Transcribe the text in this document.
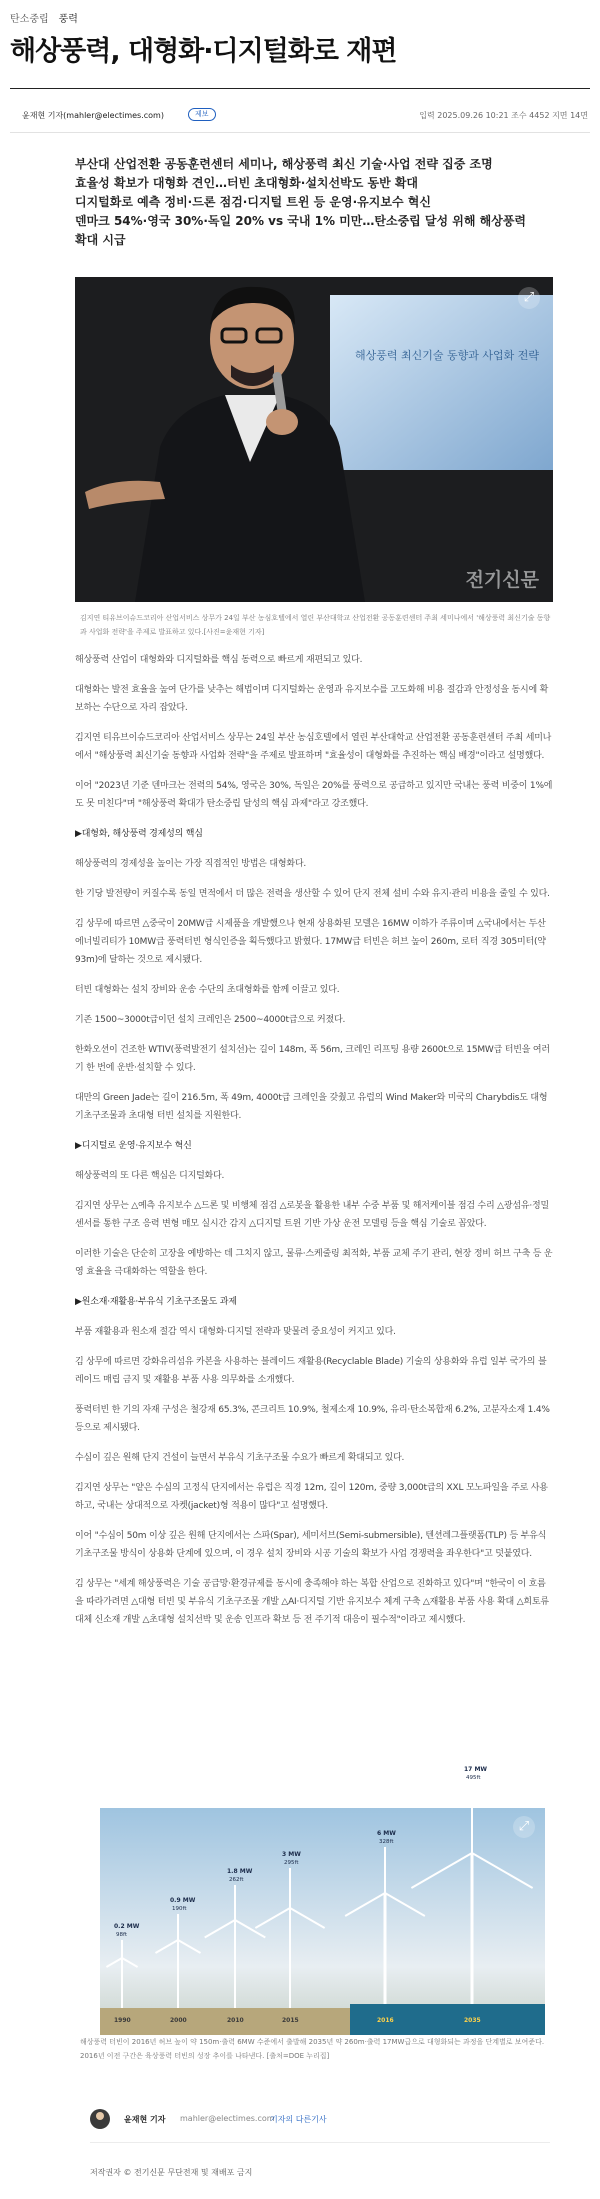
탄소중립 풍력
해상풍력, 대형화·디지털화로 재편
윤재현 기자(mahler@electimes.com)	제보	입력 2025.09.26 10:21 조수 4452 지면 14면

부산대 산업전환 공동훈련센터 세미나, 해상풍력 최신 기술·사업 전략 집중 조명

효율성 확보가 대형화 견인…터빈 초대형화·설치선박도 동반 확대

디지털화로 예측 정비·드론 점검·디지털 트윈 등 운영·유지보수 혁신

덴마크 54%·영국 30%·독일 20% vs 국내 1% 미만…탄소중립 달성 위해 해상풍력

확대 시급

해상풍력 최신기술 동향과 사업화 전략
⤢
전기신문

김지연 티유브이슈드코리아 산업서비스 상무가 24일 부산 농심호텔에서 열린 부산대학교 산업전환 공동훈련센터 주최 세미나에서 '해상풍력 최신기술 동향과 사업화 전략'을 주제로 발표하고 있다.[사진=윤재현 기자]

해상풍력 산업이 대형화와 디지털화를 핵심 동력으로 빠르게 재편되고 있다.

대형화는 발전 효율을 높여 단가를 낮추는 해법이며 디지털화는 운영과 유지보수를 고도화해 비용 절감과 안정성을 동시에 확보하는 수단으로 자리 잡았다.

김지연 티유브이슈드코리아 산업서비스 상무는 24일 부산 농심호텔에서 열린 부산대학교 산업전환 공동훈련센터 주최 세미나에서 "해상풍력 최신기술 동향과 사업화 전략"을 주제로 발표하며 "효율성이 대형화를 추진하는 핵심 배경"이라고 설명했다.

이어 "2023년 기준 덴마크는 전력의 54%, 영국은 30%, 독일은 20%를 풍력으로 공급하고 있지만 국내는 풍력 비중이 1%에도 못 미친다"며 "해상풍력 확대가 탄소중립 달성의 핵심 과제"라고 강조했다.

▶대형화, 해상풍력 경제성의 핵심

해상풍력의 경제성을 높이는 가장 직접적인 방법은 대형화다.

한 기당 발전량이 커질수록 동일 면적에서 더 많은 전력을 생산할 수 있어 단지 전체 설비 수와 유지·관리 비용을 줄일 수 있다.

김 상무에 따르면 △중국이 20MW급 시제품을 개발했으나 현재 상용화된 모델은 16MW 이하가 주류이며 △국내에서는 두산에너빌리티가 10MW급 풍력터빈 형식인증을 획득했다고 밝혔다. 17MW급 터빈은 허브 높이 260m, 로터 직경 305미터(약 93m)에 달하는 것으로 제시됐다.

터빈 대형화는 설치 장비와 운송 수단의 초대형화를 함께 이끌고 있다.

기존 1500~3000t급이던 설치 크레인은 2500~4000t급으로 커졌다.

한화오션이 건조한 WTIV(풍력발전기 설치선)는 길이 148m, 폭 56m, 크레인 리프팅 용량 2600t으로 15MW급 터빈을 여러 기 한 번에 운반·설치할 수 있다.

대만의 Green Jade는 길이 216.5m, 폭 49m, 4000t급 크레인을 갖췄고 유럽의 Wind Maker와 미국의 Charybdis도 대형 기초구조물과 초대형 터빈 설치를 지원한다.

▶디지털로 운영·유지보수 혁신

해상풍력의 또 다른 핵심은 디지털화다.

김지연 상무는 △예측 유지보수 △드론 및 비행체 점검 △로봇을 활용한 내부 수중 부품 및 해저케이블 점검 수리 △광섬유·정밀 센서를 통한 구조 응력 변형 매모 실시간 감지 △디지털 트윈 기반 가상 운전 모델링 등을 핵심 기술로 꼽았다.

이러한 기술은 단순히 고장을 예방하는 데 그치지 않고, 물류·스케줄링 최적화, 부품 교체 주기 관리, 현장 정비 허브 구축 등 운영 효율을 극대화하는 역할을 한다.

▶원소재·재활용·부유식 기초구조물도 과제

부품 재활용과 원소재 절감 역시 대형화·디지털 전략과 맞물려 중요성이 커지고 있다.

김 상무에 따르면 강화유리섬유 카본을 사용하는 블레이드 재활용(Recyclable Blade) 기술의 상용화와 유럽 일부 국가의 블레이드 매립 금지 및 재활용 부품 사용 의무화를 소개했다.

풍력터빈 한 기의 자재 구성은 철강재 65.3%, 콘크리트 10.9%, 철제소재 10.9%, 유리·탄소복합재 6.2%, 고분자소재 1.4% 등으로 제시됐다.

수심이 깊은 원해 단지 건설이 늘면서 부유식 기초구조물 수요가 빠르게 확대되고 있다.

김지연 상무는 "얕은 수심의 고정식 단지에서는 유럽은 직경 12m, 길이 120m, 중량 3,000t급의 XXL 모노파일을 주로 사용하고, 국내는 상대적으로 자켓(jacket)형 적용이 많다"고 설명했다.

이어 "수심이 50m 이상 깊은 원해 단지에서는 스파(Spar), 세미서브(Semi-submersible), 텐션레그플랫폼(TLP) 등 부유식 기초구조물 방식이 상용화 단계에 있으며, 이 경우 설치 장비와 시공 기술의 확보가 사업 경쟁력을 좌우한다"고 덧붙였다.

김 상무는 "세계 해상풍력은 기술 공급망·환경규제를 동시에 충족해야 하는 복합 산업으로 진화하고 있다"며 "한국이 이 흐름을 따라가려면 △대형 터빈 및 부유식 기초구조물 개발 △AI·디지털 기반 유지보수 체계 구축 △재활용 부품 사용 확대 △희토류 대체 신소재 개발 △초대형 설치선박 및 운송 인프라 확보 등 전 주기적 대응이 필수적"이라고 제시했다.

0.2 MW
98ft
1990
0.9 MW
190ft
2000
1.8 MW
262ft
2010
3 MW
295ft
2015
6 MW
328ft
2016
17 MW
495ft
2035
⤢

해상풍력 터빈이 2016년 허브 높이 약 150m·출력 6MW 수준에서 출발해 2035년 약 260m·출력 17MW급으로 대형화되는 과정을 단계별로 보여준다. 2016년 이전 구간은 육상풍력 터빈의 성장 추이를 나타낸다. [출처=DOE 누리집]

윤재현 기자 mahler@electimes.com
기자의 다른기사

저작권자 © 전기신문 무단전재 및 재배포 금지
